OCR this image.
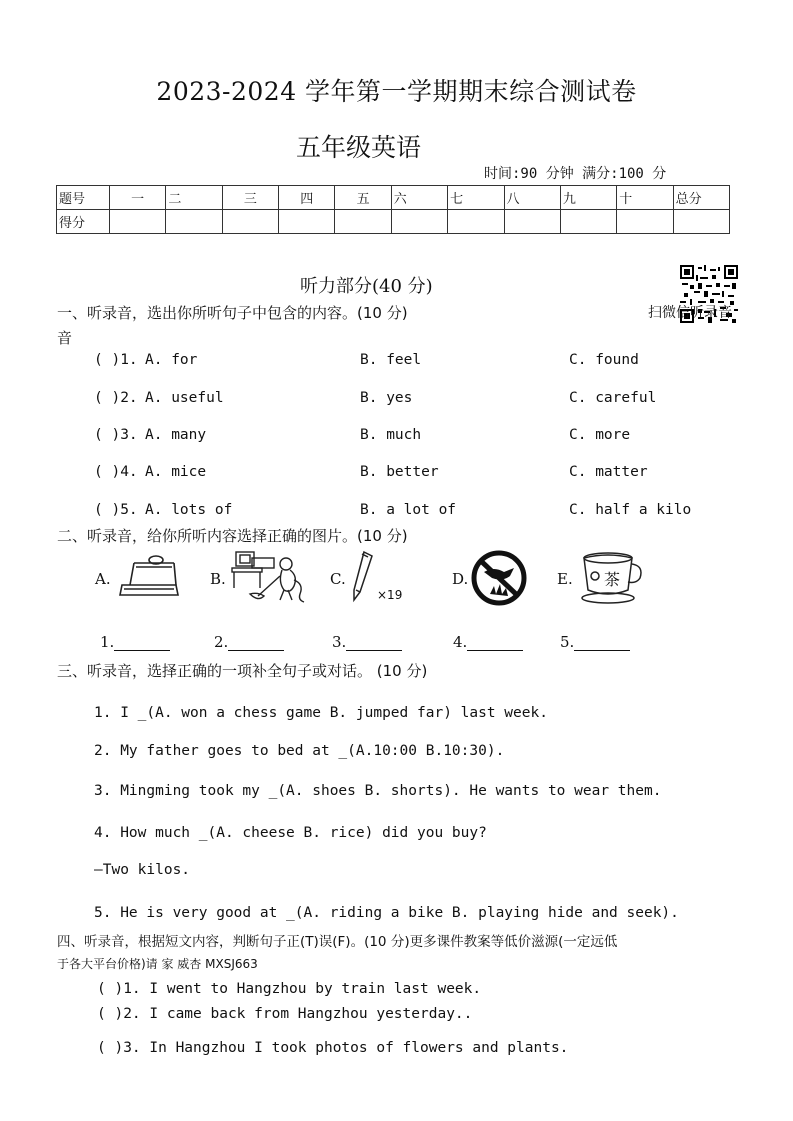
2023-2024 学年第一学期期末综合测试卷
五年级英语
时间:90 分钟 满分:100 分
题号	一	二	三	四	五	六	七	八	九	十	总分
得分											
听力部分(40 分)
扫微信听录音
一、听录音，选出你所听句子中包含的内容。(10 分)
音
( )1. A. for	B. feel	C. found
( )2. A. useful	B. yes	C. careful
( )3. A. many	B. much	C. more
( )4. A. mice	B. better	C. matter
( )5. A. lots of	B. a lot of	C. half a kilo
二、听录音，给你所听内容选择正确的图片。(10 分)
A.	B.	C.
×19
D.	E. 茶
1.	2.	3.	4.	5.
三、听录音，选择正确的一项补全句子或对话。 (10 分)
1. I _(A. won a chess game B. jumped far) last week.
2. My father goes to bed at _(A.10:00 B.10:30).
3. Mingming took my _(A. shoes B. shorts). He wants to wear them.
4. How much _(A. cheese B. rice) did you buy?
—Two kilos.
5. He is very good at _(A. riding a bike B. playing hide and seek).
四、听录音，根据短文内容，判断句子正(T)误(F)。(10 分)更多课件教案等低价滋源(一定远低
于各大平台价格)请 家 威杏 MXSJ663
( )1. I went to Hangzhou by train last week.
( )2. I came back from Hangzhou yesterday..
( )3. In Hangzhou I took photos of flowers and plants.
